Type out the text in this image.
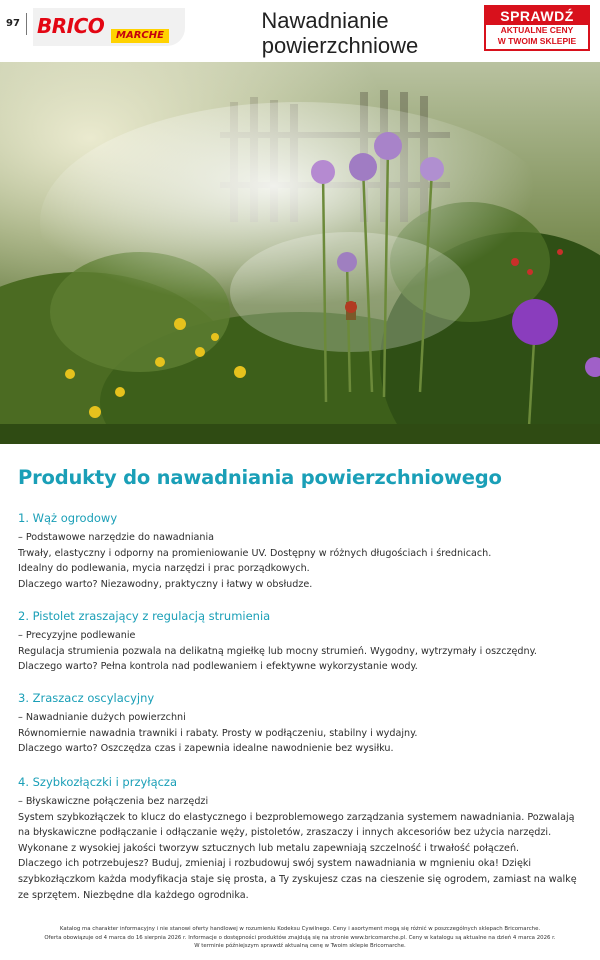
97 BRICO	MARCHE
Nawadnianie
powierzchniowe
SPRAWDŹ
AKTUALNE CENY
W TWOIM SKLEPIE
Produkty do nawadniania powierzchniowego

1. Wąż ogrodowy

– Podstawowe narzędzie do nawadniania

Trwały, elastyczny i odporny na promieniowanie UV. Dostępny w różnych długościach i średnicach.

Idealny do podlewania, mycia narzędzi i prac porządkowych.

Dlaczego warto? Niezawodny, praktyczny i łatwy w obsłudze.

2. Pistolet zraszający z regulacją strumienia

– Precyzyjne podlewanie

Regulacja strumienia pozwala na delikatną mgiełkę lub mocny strumień. Wygodny, wytrzymały i oszczędny.

Dlaczego warto? Pełna kontrola nad podlewaniem i efektywne wykorzystanie wody.

3. Zraszacz oscylacyjny

– Nawadnianie dużych powierzchni

Równomiernie nawadnia trawniki i rabaty. Prosty w podłączeniu, stabilny i wydajny.

Dlaczego warto? Oszczędza czas i zapewnia idealne nawodnienie bez wysiłku.

4. Szybkozłączki i przyłącza

– Błyskawiczne połączenia bez narzędzi

System szybkozłączek to klucz do elastycznego i bezproblemowego zarządzania systemem nawadniania. Pozwalają

na błyskawiczne podłączanie i odłączanie węży, pistoletów, zraszaczy i innych akcesoriów bez użycia narzędzi.

Wykonane z wysokiej jakości tworzyw sztucznych lub metalu zapewniają szczelność i trwałość połączeń.

Dlaczego ich potrzebujesz? Buduj, zmieniaj i rozbudowuj swój system nawadniania w mgnieniu oka! Dzięki

szybkozłączkom każda modyfikacja staje się prosta, a Ty zyskujesz czas na cieszenie się ogrodem, zamiast na walkę

ze sprzętem. Niezbędne dla każdego ogrodnika.

Katalog ma charakter informacyjny i nie stanowi oferty handlowej w rozumieniu Kodeksu Cywilnego. Ceny i asortyment mogą się różnić w poszczególnych sklepach Bricomarche.
Oferta obowiązuje od 4 marca do 16 sierpnia 2026 r. Informacje o dostępności produktów znajdują się na stronie www.bricomarche.pl. Ceny w katalogu są aktualne na dzień 4 marca 2026 r.
W terminie późniejszym sprawdź aktualną cenę w Twoim sklepie Bricomarche.
